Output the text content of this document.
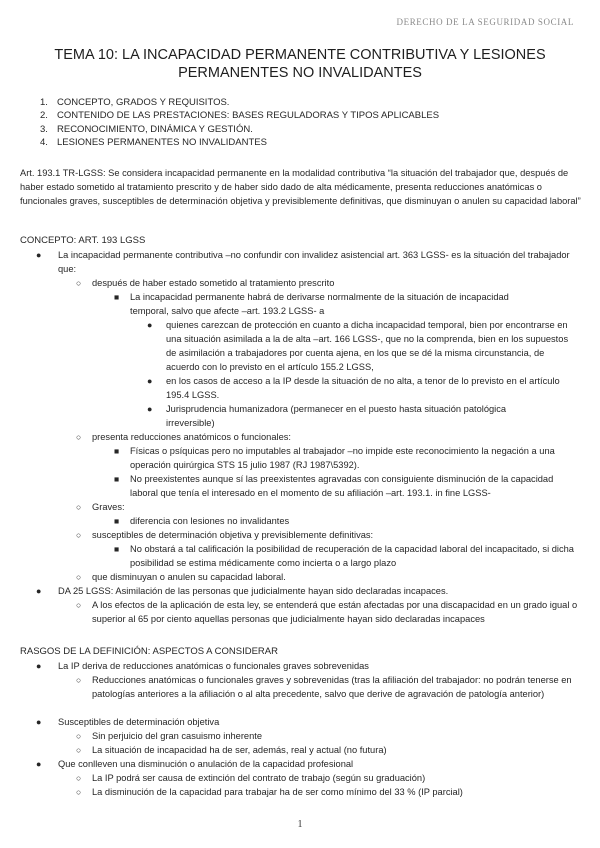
DERECHO DE LA SEGURIDAD SOCIAL
TEMA 10: LA INCAPACIDAD PERMANENTE CONTRIBUTIVA Y LESIONES
PERMANENTES NO INVALIDANTES
1. CONCEPTO, GRADOS Y REQUISITOS.
2. CONTENIDO DE LAS PRESTACIONES: BASES REGULADORAS Y TIPOS APLICABLES
3. RECONOCIMIENTO, DINÁMICA Y GESTIÓN.
4. LESIONES PERMANENTES NO INVALIDANTES
Art. 193.1 TR-LGSS: Se considera incapacidad permanente en la modalidad contributiva “la situación del trabajador que, después de haber estado sometido al tratamiento prescrito y de haber sido dado de alta médicamente, presenta reducciones anatómicas o funcionales graves, susceptibles de determinación objetiva y previsiblemente definitivas, que disminuyan o anulen su capacidad laboral”
CONCEPTO: ART. 193 LGSS
● La incapacidad permanente contributiva –no confundir con invalidez asistencial art. 363 LGSS- es la situación del trabajador que:
○ después de haber estado sometido al tratamiento prescrito
■ La incapacidad permanente habrá de derivarse normalmente de la situación de incapacidad temporal, salvo que afecte –art. 193.2 LGSS- a
● quienes carezcan de protección en cuanto a dicha incapacidad temporal, bien por encontrarse en una situación asimilada a la de alta –art. 166 LGSS-, que no la comprenda, bien en los supuestos de asimilación a trabajadores por cuenta ajena, en los que se dé la misma circunstancia, de acuerdo con lo previsto en el artículo 155.2 LGSS,
● en los casos de acceso a la IP desde la situación de no alta, a tenor de lo previsto en el artículo 195.4 LGSS.
● Jurisprudencia humanizadora (permanecer en el puesto hasta situación patológica irreversible)
○ presenta reducciones anatómicos o funcionales:
■ Físicas o psíquicas pero no imputables al trabajador –no impide este reconocimiento la negación a una operación quirúrgica STS 15 julio 1987 (RJ 1987\5392).
■ No preexistentes aunque sí las preexistentes agravadas con consiguiente disminución de la capacidad laboral que tenía el interesado en el momento de su afiliación –art. 193.1. in fine LGSS-
○ Graves:
■ diferencia con lesiones no invalidantes
○ susceptibles de determinación objetiva y previsiblemente definitivas:
■ No obstará a tal calificación la posibilidad de recuperación de la capacidad laboral del incapacitado, si dicha posibilidad se estima médicamente como incierta o a largo plazo
○ que disminuyan o anulen su capacidad laboral.
● DA 25 LGSS: Asimilación de las personas que judicialmente hayan sido declaradas incapaces.
○ A los efectos de la aplicación de esta ley, se entenderá que están afectadas por una discapacidad en un grado igual o superior al 65 por ciento aquellas personas que judicialmente hayan sido declaradas incapaces
RASGOS DE LA DEFINICIÓN: ASPECTOS A CONSIDERAR
● La IP deriva de reducciones anatómicas o funcionales graves sobrevenidas
○ Reducciones anatómicas o funcionales graves y sobrevenidas (tras la afiliación del trabajador: no podrán tenerse en patologías anteriores a la afiliación o al alta precedente, salvo que derive de agravación de patología anterior)
● Susceptibles de determinación objetiva
○ Sin perjuicio del gran casuismo inherente
○ La situación de incapacidad ha de ser, además, real y actual (no futura)
● Que conlleven una disminución o anulación de la capacidad profesional
○ La IP podrá ser causa de extinción del contrato de trabajo (según su graduación)
○ La disminución de la capacidad para trabajar ha de ser como mínimo del 33 % (IP parcial)
1
